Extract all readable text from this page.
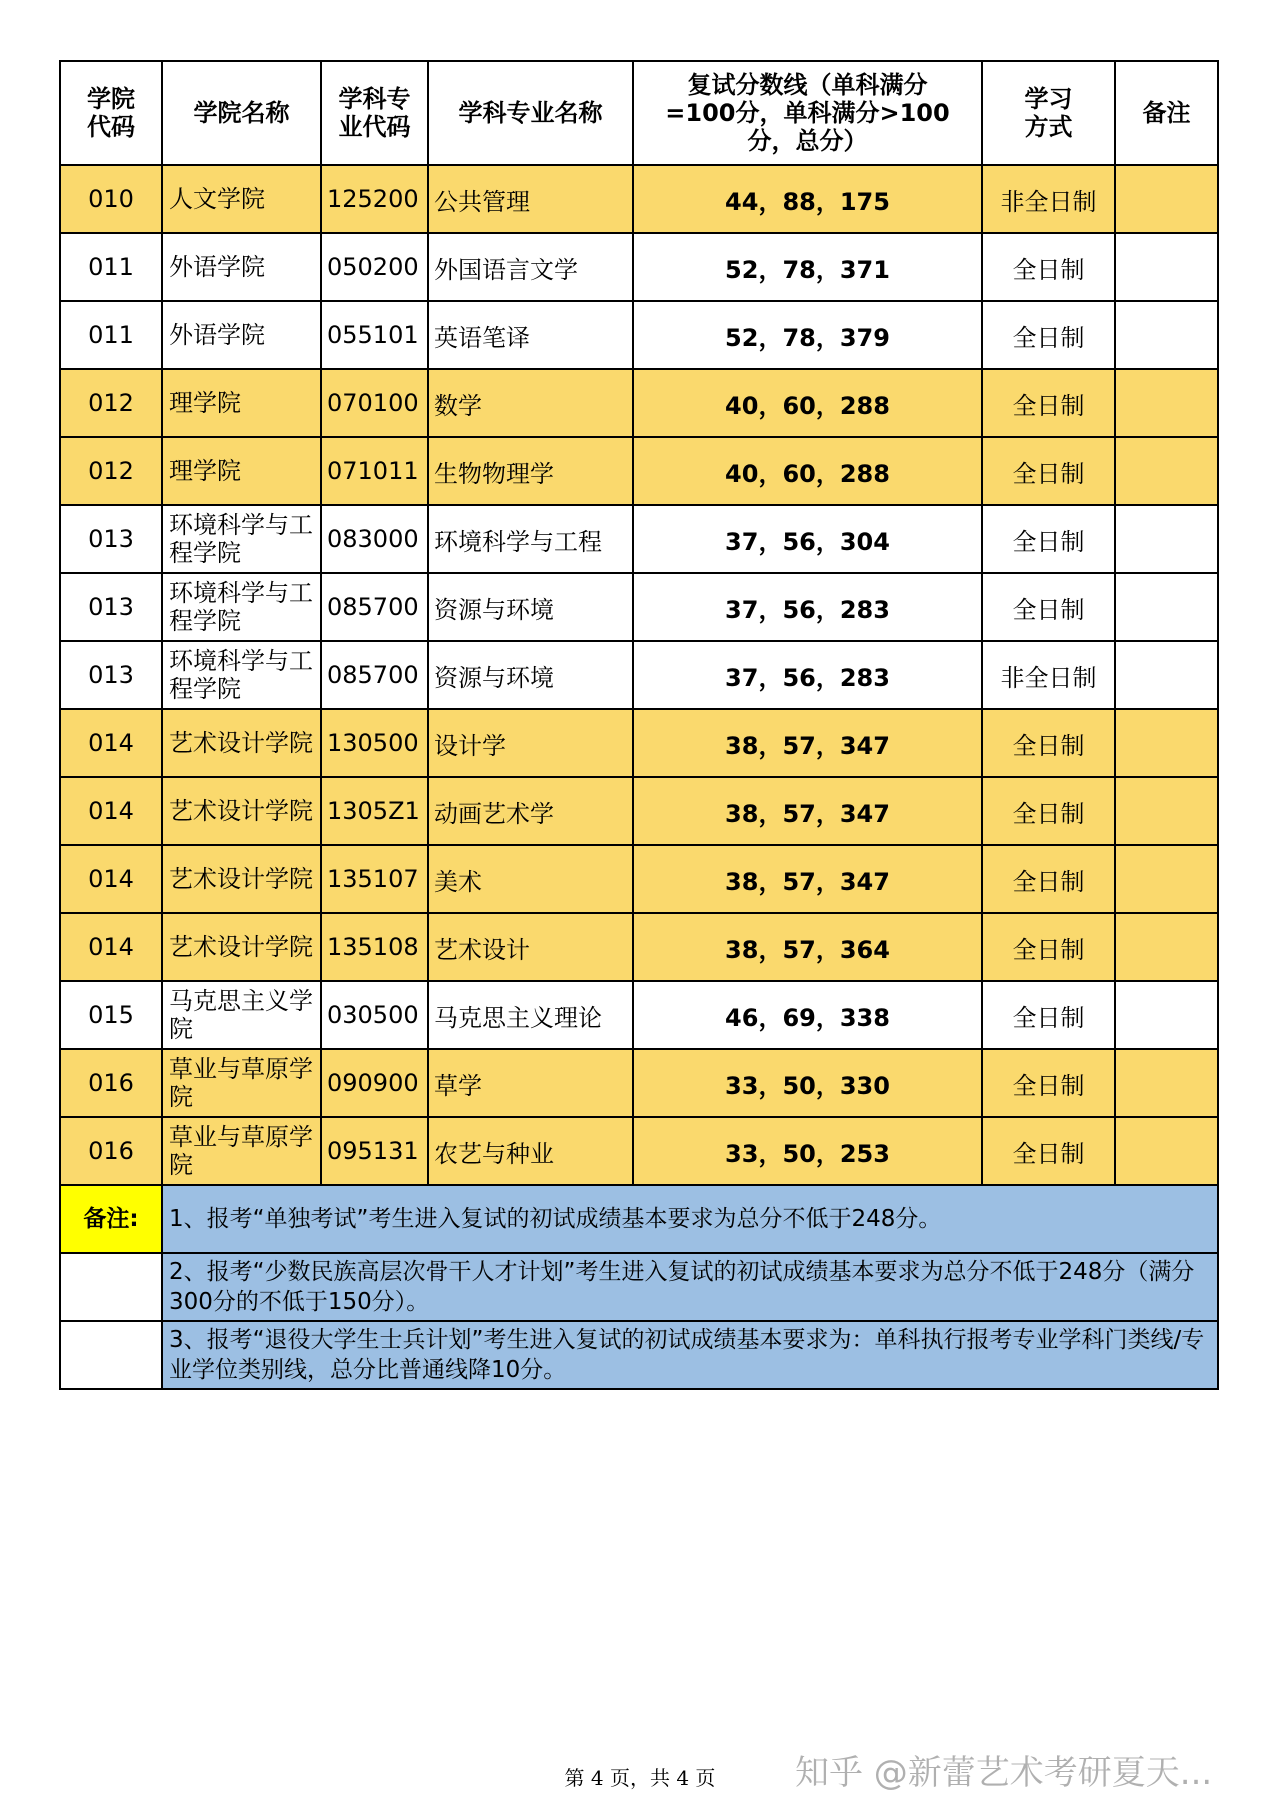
学院代码	学院名称	学科专业代码	学科专业名称	复试分数线（单科满分=100分，单科满分>100分，总分）	学习方式	备注
010	人文学院	125200	公共管理	44，88，175	非全日制	
011	外语学院	050200	外国语言文学	52，78，371	全日制	
011	外语学院	055101	英语笔译	52，78，379	全日制	
012	理学院	070100	数学	40，60，288	全日制	
012	理学院	071011	生物物理学	40，60，288	全日制	
013	环境科学与工程学院	083000	环境科学与工程	37，56，304	全日制	
013	环境科学与工程学院	085700	资源与环境	37，56，283	全日制	
013	环境科学与工程学院	085700	资源与环境	37，56，283	非全日制	
014	艺术设计学院	130500	设计学	38，57，347	全日制	
014	艺术设计学院	1305Z1	动画艺术学	38，57，347	全日制	
014	艺术设计学院	135107	美术	38，57，347	全日制	
014	艺术设计学院	135108	艺术设计	38，57，364	全日制	
015	马克思主义学院	030500	马克思主义理论	46，69，338	全日制	
016	草业与草原学院	090900	草学	33，50，330	全日制	
016	草业与草原学院	095131	农艺与种业	33，50，253	全日制	
备注:	1、报考“单独考试”考生进入复试的初试成绩基本要求为总分不低于248分。					
	2、报考“少数民族高层次骨干人才计划”考生进入复试的初试成绩基本要求为总分不低于248分（满分300分的不低于150分）。					
	3、报考“退役大学生士兵计划”考生进入复试的初试成绩基本要求为：单科执行报考专业学科门类线/专业学位类别线，总分比普通线降10分。					
第 4 页，共 4 页	知乎 @新蕾艺术考研夏天...
